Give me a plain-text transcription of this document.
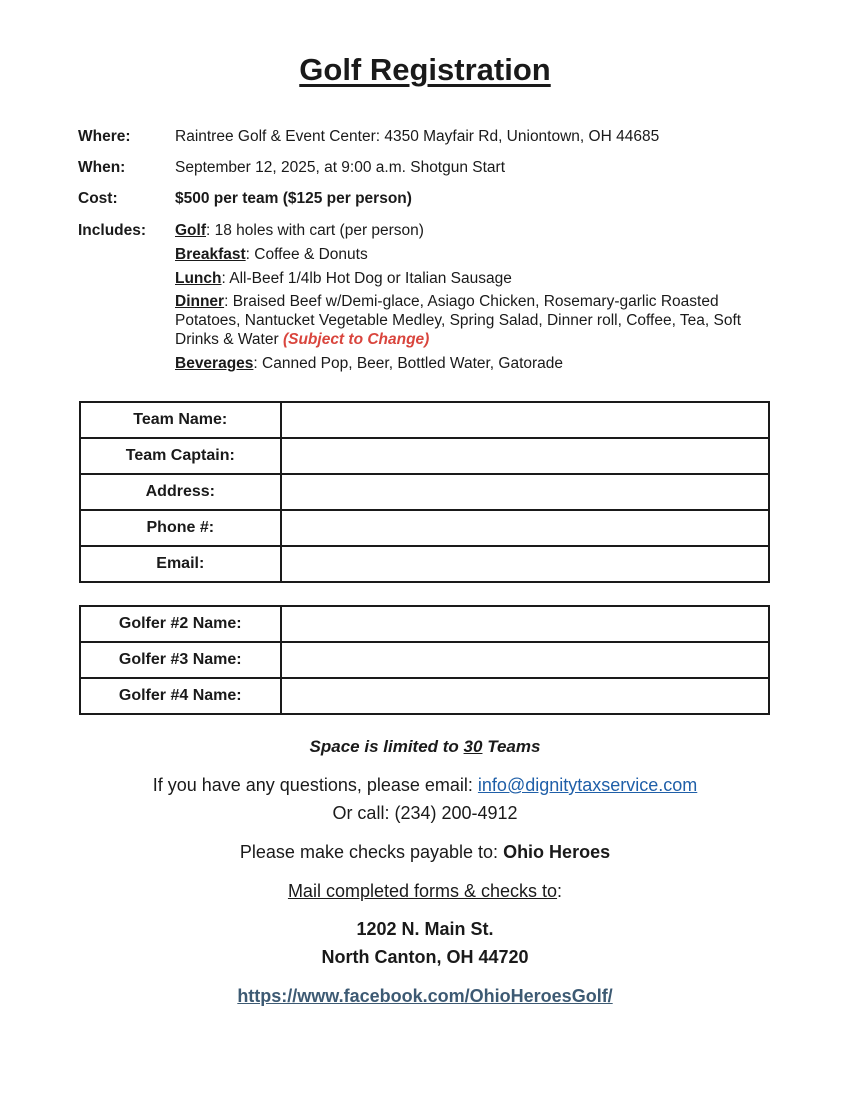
Golf Registration
Where:	Raintree Golf & Event Center: 4350 Mayfair Rd, Uniontown, OH 44685
When:	September 12, 2025, at 9:00 a.m. Shotgun Start
Cost:	$500 per team ($125 per person)
Includes:	Golf: 18 holes with cart (per person)
Breakfast: Coffee & Donuts
Lunch: All-Beef 1/4lb Hot Dog or Italian Sausage
Dinner: Braised Beef w/Demi-glace, Asiago Chicken, Rosemary-garlic Roasted
Potatoes, Nantucket Vegetable Medley, Spring Salad, Dinner roll, Coffee, Tea, Soft
Drinks & Water (Subject to Change)
Beverages: Canned Pop, Beer, Bottled Water, Gatorade
Team Name:	
Team Captain:	
Address:	
Phone #:	
Email:	
Golfer #2 Name:	
Golfer #3 Name:	
Golfer #4 Name:	
Space is limited to 30 Teams
If you have any questions, please email: info@dignitytaxservice.com
Or call: (234) 200-4912
Please make checks payable to: Ohio Heroes
Mail completed forms & checks to:
1202 N. Main St.
North Canton, OH 44720
https://www.facebook.com/OhioHeroesGolf/
